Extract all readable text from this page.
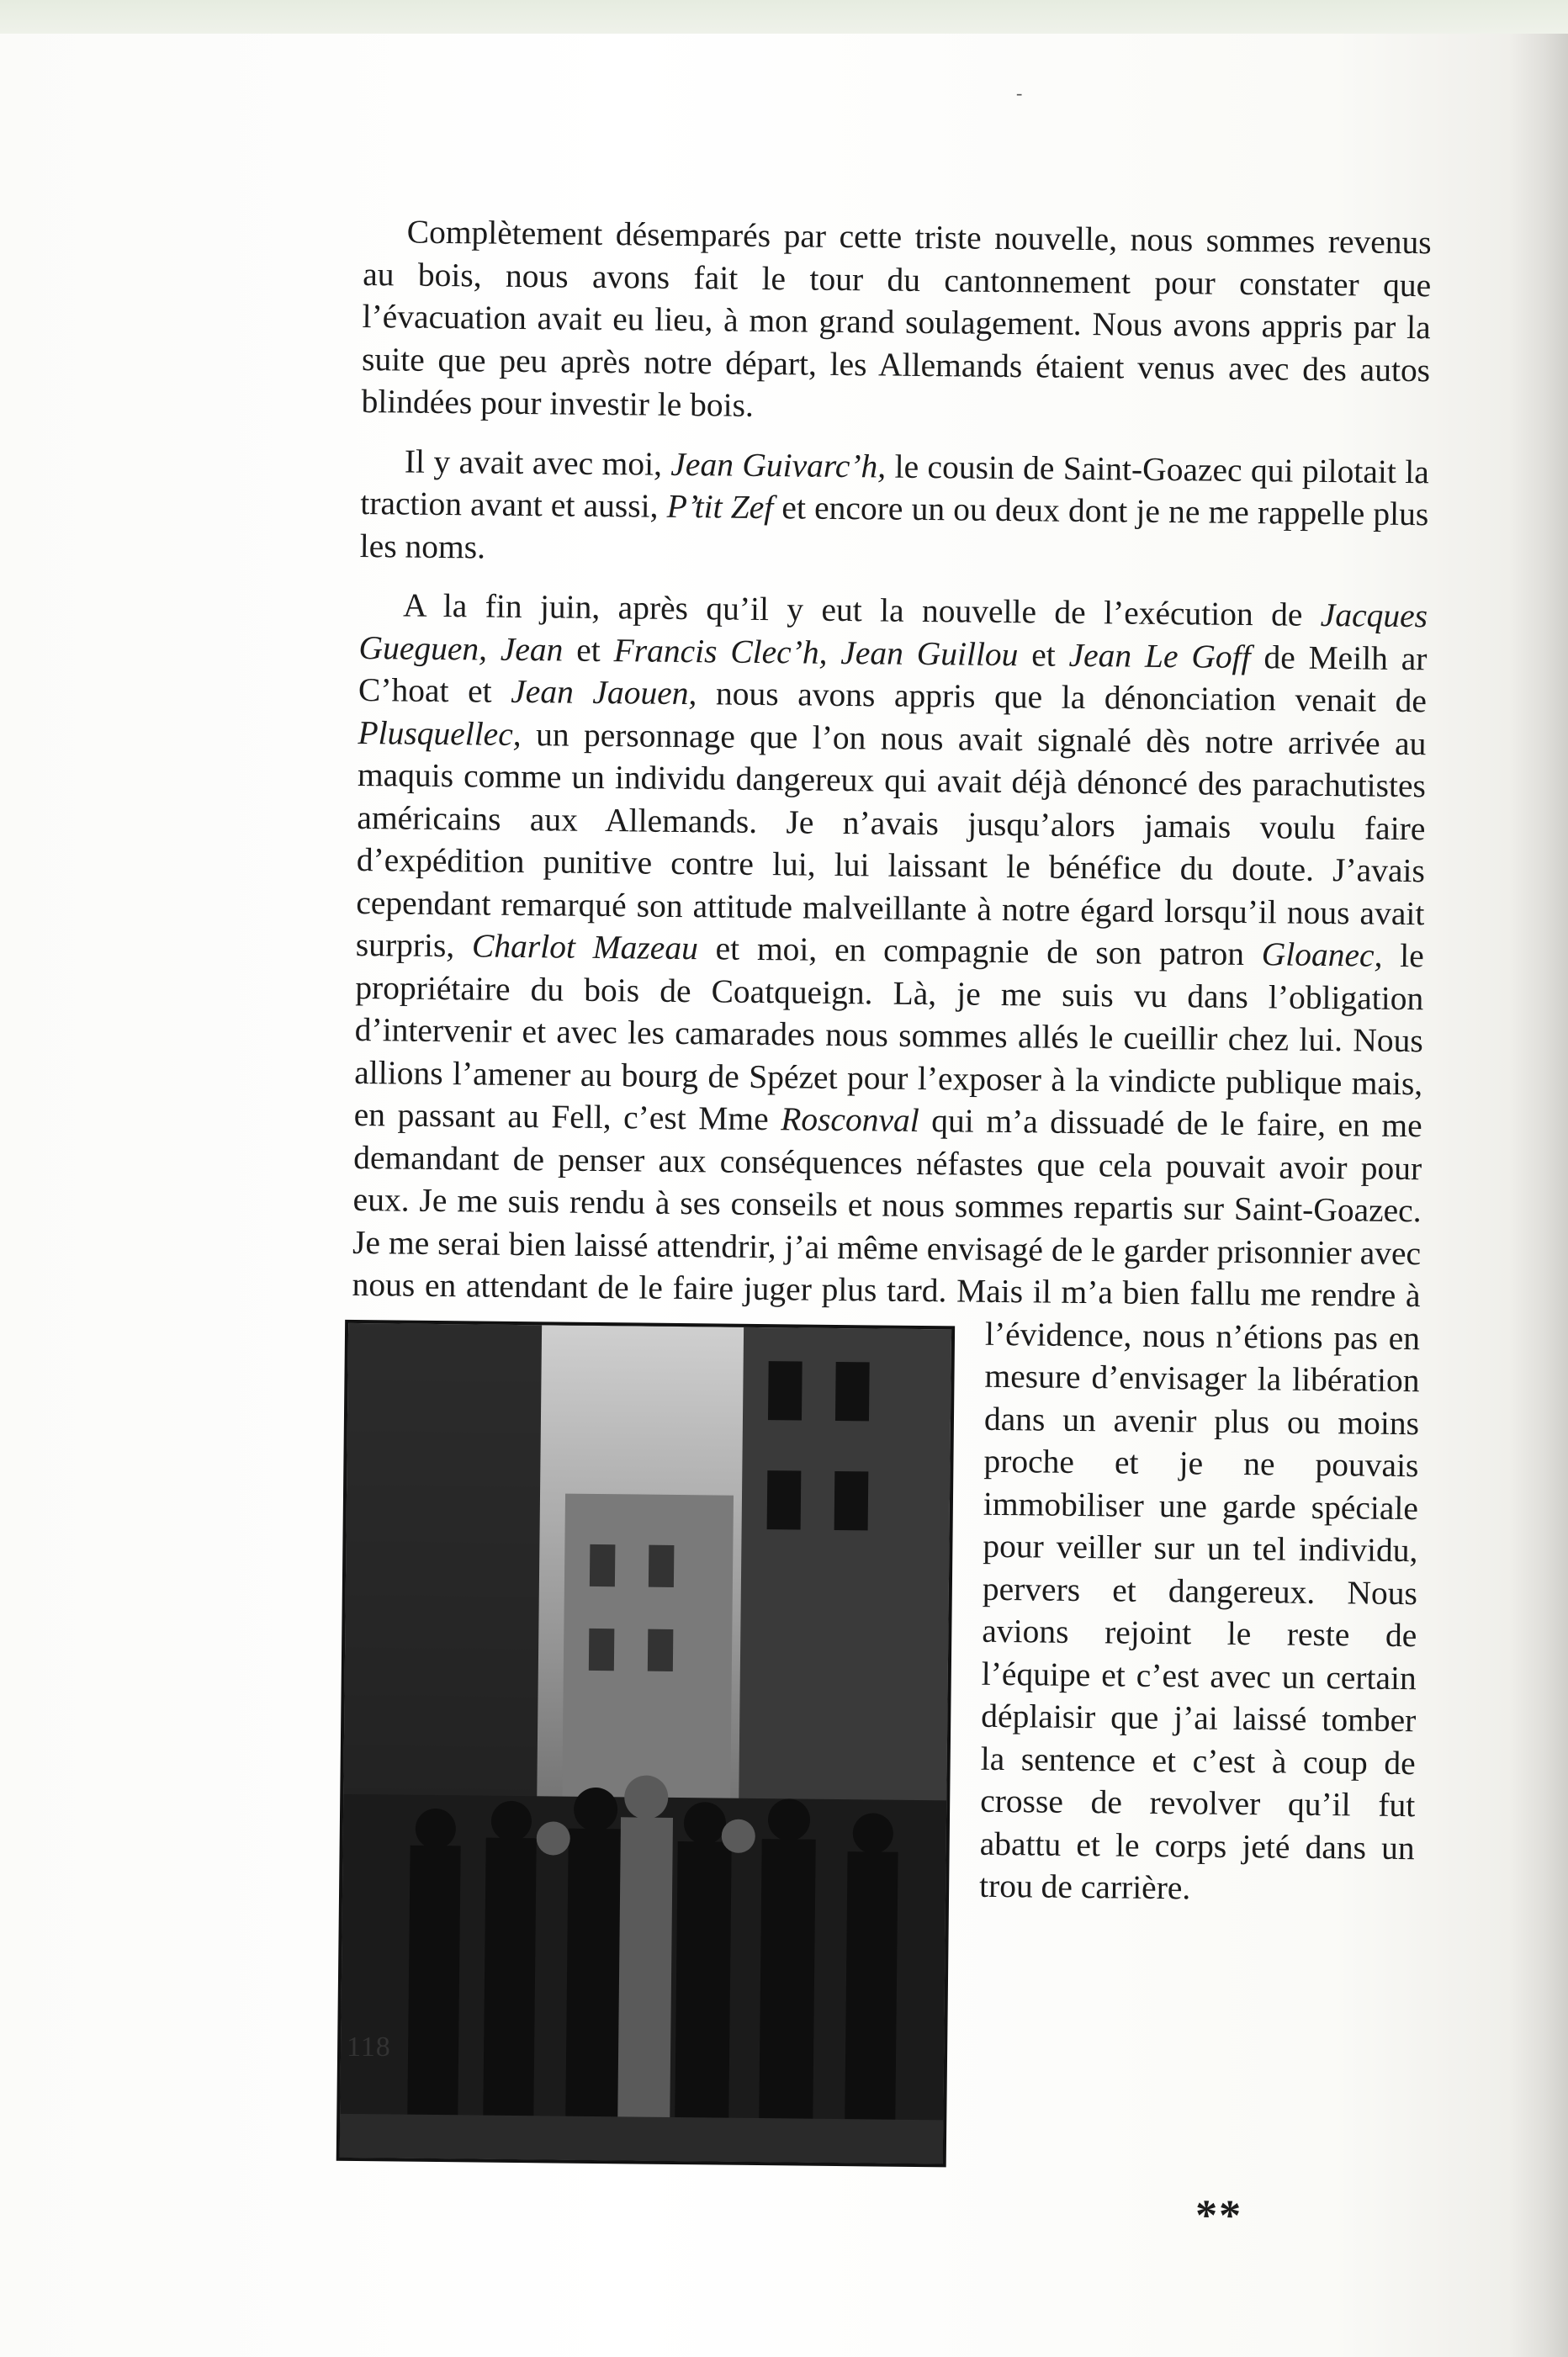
-

Complètement désemparés par cette triste nouvelle, nous sommes revenus au bois, nous avons fait le tour du cantonnement pour constater que l’évacuation avait eu lieu, à mon grand soulagement. Nous avons appris par la suite que peu après notre départ, les Allemands étaient venus avec des autos blindées pour investir le bois.

Il y avait avec moi, Jean Guivarc’h, le cousin de Saint-Goazec qui pilotait la traction avant et aussi, P’tit Zef et encore un ou deux dont je ne me rappelle plus les noms.

A la fin juin, après qu’il y eut la nouvelle de l’exécution de Jacques Gueguen, Jean et Francis Clec’h, Jean Guillou et Jean Le Goff de Meilh ar C’hoat et Jean Jaouen, nous avons appris que la dénonciation venait de Plusquellec, un personnage que l’on nous avait signalé dès notre arrivée au maquis comme un individu dangereux qui avait déjà dénoncé des parachutistes américains aux Allemands. Je n’avais jusqu’alors jamais voulu faire d’expédition punitive contre lui, lui laissant le bénéfice du doute. J’avais cependant remarqué son attitude malveillante à notre égard lorsqu’il nous avait surpris, Charlot Mazeau et moi, en compagnie de son patron Gloanec, le propriétaire du bois de Coatqueign. Là, je me suis vu dans l’obligation d’intervenir et avec les camarades nous sommes allés le cueillir chez lui. Nous allions l’amener au bourg de Spézet pour l’exposer à la vindicte publique mais, en passant au Fell, c’est Mme Rosconval qui m’a dissuadé de le faire, en me demandant de penser aux conséquences néfastes que cela pouvait avoir pour eux. Je me suis rendu à ses conseils et nous sommes repartis sur Saint-Goazec. Je me serai bien laissé attendrir, j’ai même envisagé de le garder prisonnier avec nous en attendant de le faire juger plus
tard. Mais il m’a bien fallu me rendre à l’évidence, nous n’étions pas en mesure d’envisager la libération dans un avenir plus ou moins proche et je ne pouvais immobiliser une garde spéciale pour veiller sur un tel individu, pervers et dangereux. Nous avions rejoint le reste de l’équipe et c’est avec un certain déplaisir que j’ai laissé tomber la sentence et c’est à coup de crosse de revolver qu’il fut abattu et le corps jeté dans un trou de carrière.

**
118
